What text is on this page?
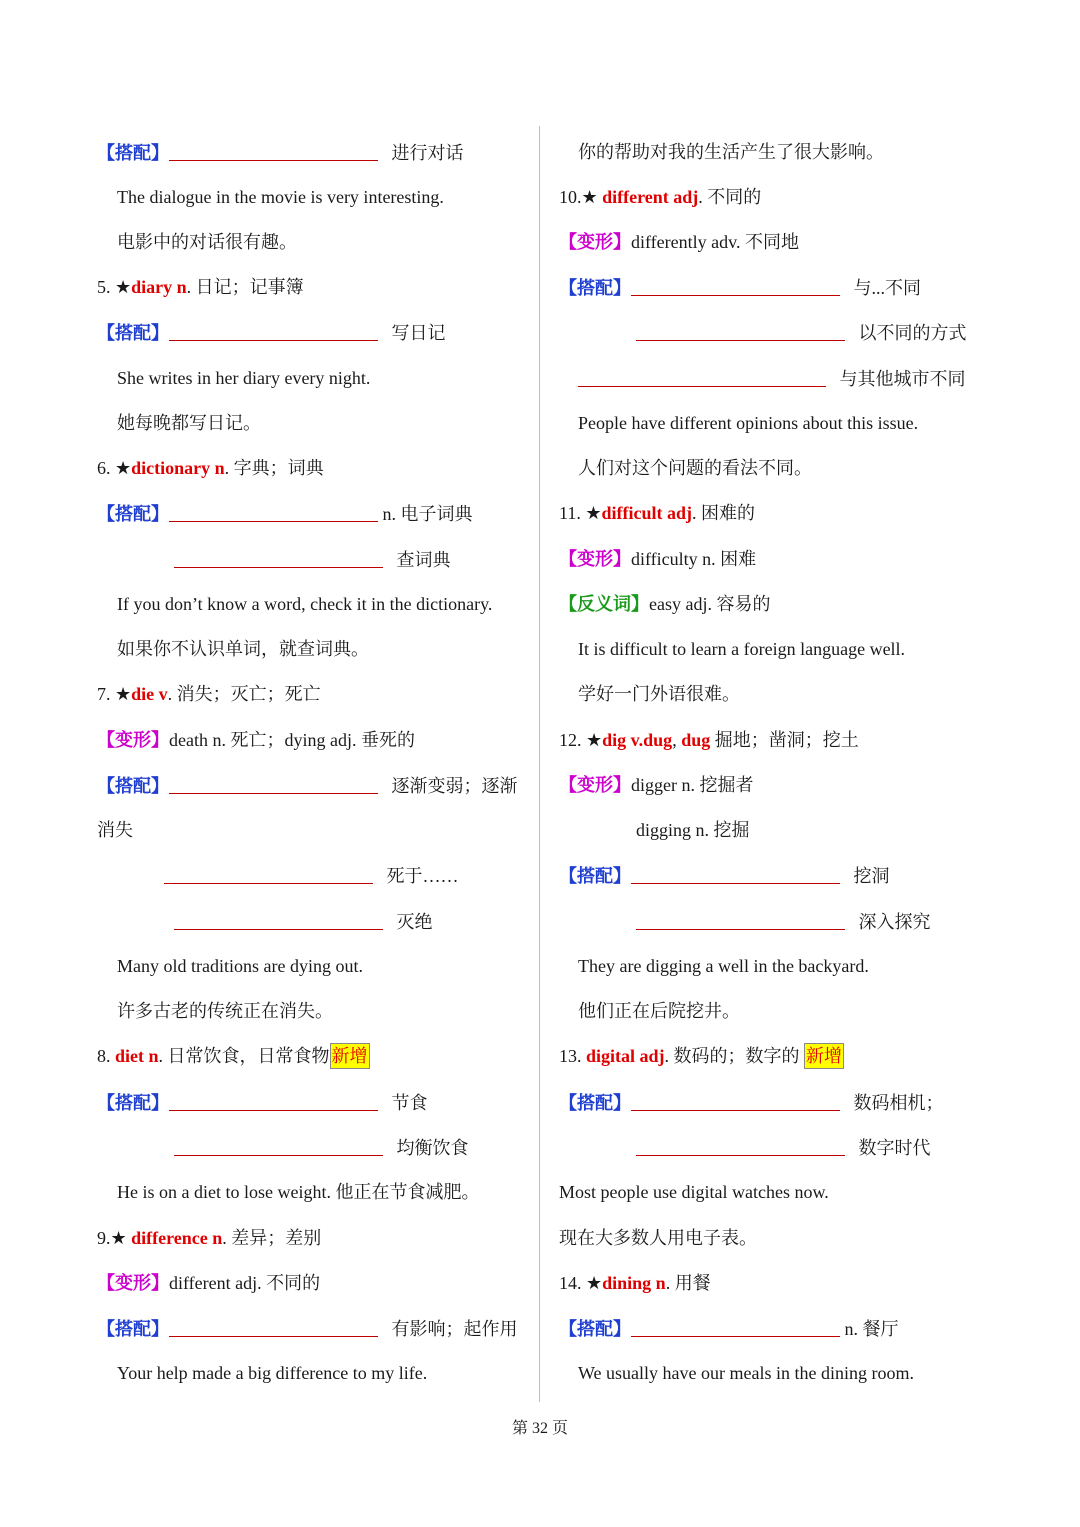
【搭配】	进行对话
The dialogue in the movie is very interesting.
电影中的对话很有趣。
5. ★diary n. 日记；记事簿
【搭配】	写日记
She writes in her diary every night.
她每晚都写日记。
6. ★dictionary n. 字典；词典
【搭配】	n. 电子词典
查词典
If you don’t know a word, check it in the dictionary.
如果你不认识单词，就查词典。
7. ★die v. 消失；灭亡；死亡
【变形】death n. 死亡；dying adj. 垂死的
【搭配】	逐渐变弱；逐渐
消失
死于……
灭绝
Many old traditions are dying out.
许多古老的传统正在消失。
8. diet n. 日常饮食，日常食物 新增
【搭配】	节食
均衡饮食
He is on a diet to lose weight. 他正在节食减肥。
9.★ difference n. 差异；差别
【变形】different adj. 不同的
【搭配】	有影响；起作用
Your help made a big difference to my life.
你的帮助对我的生活产生了很大影响。
10.★ different adj. 不同的
【变形】differently adv. 不同地
【搭配】	与...不同
以不同的方式
与其他城市不同
People have different opinions about this issue.
人们对这个问题的看法不同。
11. ★difficult adj. 困难的
【变形】difficulty n. 困难
【反义词】easy adj. 容易的
It is difficult to learn a foreign language well.
学好一门外语很难。
12. ★dig v.dug, dug 掘地；凿洞；挖土
【变形】digger n. 挖掘者
digging n. 挖掘
【搭配】	挖洞
深入探究
They are digging a well in the backyard.
他们正在后院挖井。
13. digital adj. 数码的；数字的 新增
【搭配】	数码相机；
数字时代
Most people use digital watches now.
现在大多数人用电子表。
14. ★dining n. 用餐
【搭配】	n. 餐厅
We usually have our meals in the dining room.
第 32 页
